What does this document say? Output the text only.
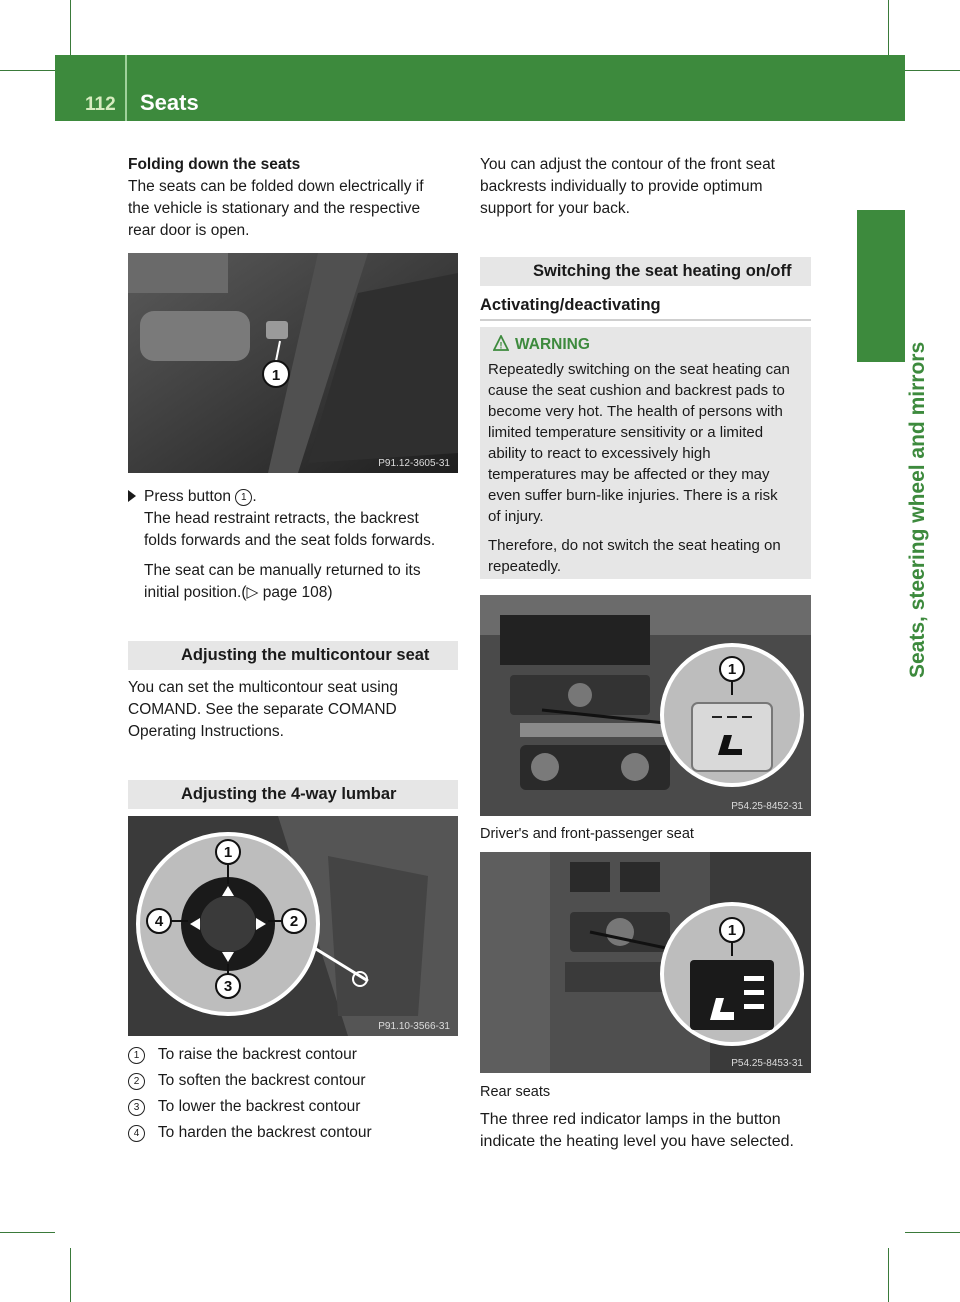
112 Seats
Seats, steering wheel and mirrors

Folding down the seats

The seats can be folded down electrically if

the vehicle is stationary and the respective

rear door is open.

1
P91.12-3605-31

Press button 1 .

The head restraint retracts, the backrest

folds forwards and the seat folds forwards.

The seat can be manually returned to its

initial position.(▷ page 108)

Adjusting the multicontour seat

You can set the multicontour seat using

COMAND. See the separate COMAND

Operating Instructions.

Adjusting the 4-way lumbar
1
2
3
4
P91.10-3566-31
1 To raise the backrest contour
2 To soften the backrest contour
3 To lower the backrest contour
4 To harden the backrest contour

You can adjust the contour of the front seat

backrests individually to provide optimum

support for your back.

Switching the seat heating on/off
Activating/deactivating
! WARNING

Repeatedly switching on the seat heating can

cause the seat cushion and backrest pads to

become very hot. The health of persons with

limited temperature sensitivity or a limited

ability to react to excessively high

temperatures may be affected or they may

even suffer burn-like injuries. There is a risk

of injury.

Therefore, do not switch the seat heating on

repeatedly.

1
P54.25-8452-31
Driver's and front-passenger seat
1
P54.25-8453-31
Rear seats

The three red indicator lamps in the button

indicate the heating level you have selected.
